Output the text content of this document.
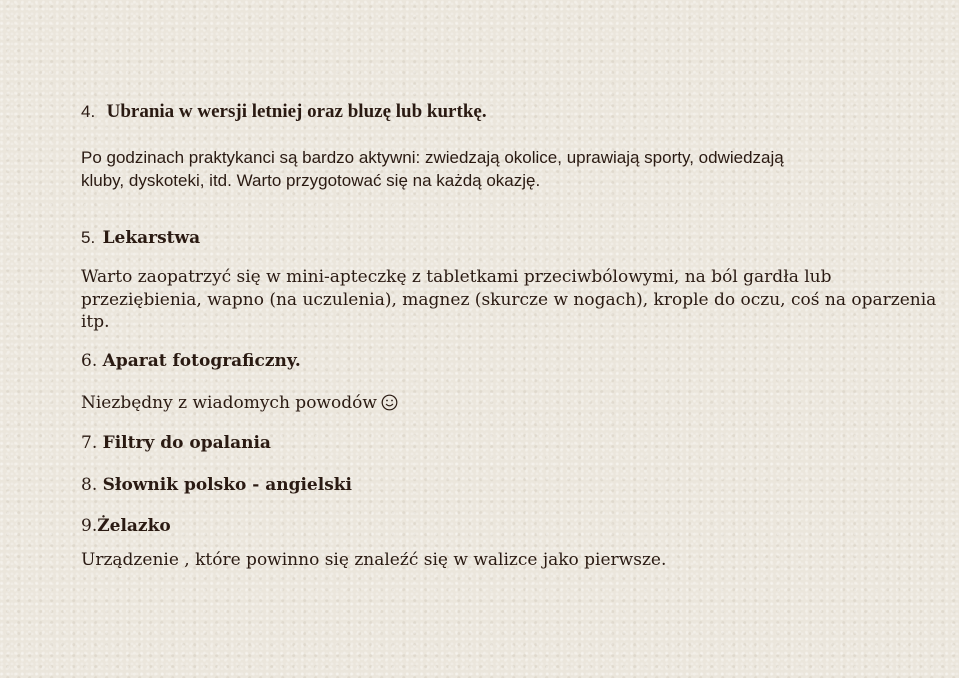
4. Ubrania w wersji letniej oraz bluzę lub kurtkę.
Po godzinach praktykanci są bardzo aktywni: zwiedzają okolice, uprawiają sporty, odwiedzają
kluby, dyskoteki, itd. Warto przygotować się na każdą okazję.
5. Lekarstwa
Warto zaopatrzyć się w mini-apteczkę z tabletkami przeciwbólowymi, na ból gardła lub
przeziębienia, wapno (na uczulenia), magnez (skurcze w nogach), krople do oczu, coś na oparzenia
itp.
6. Aparat fotograficzny.
Niezbędny z wiadomych powodów
7. Filtry do opalania
8. Słownik polsko - angielski
9.Żelazko
Urządzenie , które powinno się znaleźć się w walizce jako pierwsze.
